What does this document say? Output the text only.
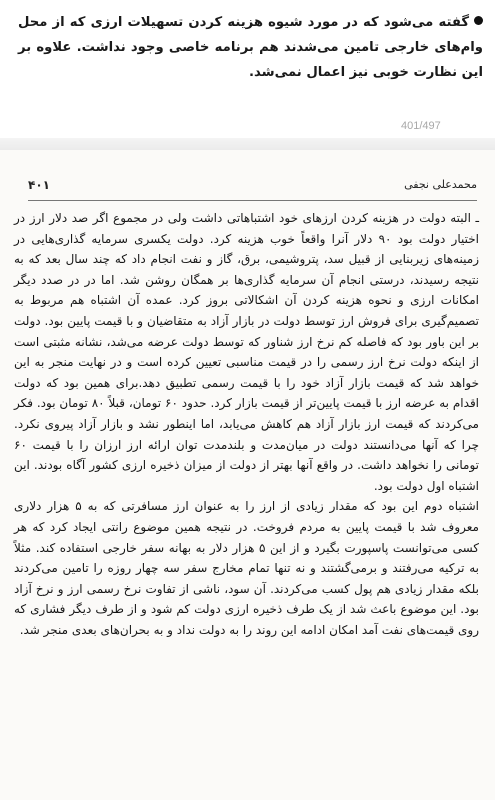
گفته می‌شود که در مورد شیوه هزینه کردن تسهیلات ارزی که از محل وام‌های خارجی تامین می‌شدند هم برنامه خاصی وجود نداشت. علاوه بر این نظارت خوبی نیز اعمال نمی‌شد.

401/497
محمدعلی نجفی
۴۰۱

ـ البته دولت در هزینه کردن ارزهای خود اشتباهاتی داشت ولی در مجموع اگر صد دلار ارز در اختیار دولت بود ۹۰ دلار آنرا واقعاً خوب هزینه کرد. دولت یکسری سرمایه گذاری‌هایی در زمینه‌های زیربنایی از قبیل سد، پتروشیمی، برق، گاز و نفت انجام داد که چند سال بعد که به نتیجه رسیدند، درستی انجام آن سرمایه گذاری‌ها بر همگان روشن شد. اما در در صدد دیگر امکانات ارزی و نحوه هزینه کردن آن اشکالاتی بروز کرد. عمده آن اشتباه هم مربوط به تصمیم‌گیری برای فروش ارز توسط دولت در بازار آزاد به متقاضیان و با قیمت پایین بود. دولت بر این باور بود که فاصله کم نرخ ارز شناور که توسط دولت عرضه می‌شد، نشانه مثبتی است از اینکه دولت نرخ ارز رسمی را در قیمت مناسبی تعیین کرده است و در نهایت منجر به این خواهد شد که قیمت بازار آزاد خود را با قیمت رسمی تطبیق دهد.برای همین بود که دولت اقدام به عرضه ارز با قیمت پایین‌تر از قیمت بازار کرد. حدود ۶۰ تومان، قبلاً ۸۰ تومان بود. فکر می‌کردند که قیمت ارز بازار آزاد هم کاهش می‌یابد، اما اینطور نشد و بازار آزاد پیروی نکرد. چرا که آنها می‌دانستند دولت در میان‌مدت و بلندمدت توان ارائه ارز ارزان را با قیمت ۶۰ تومانی را نخواهد داشت. در واقع آنها بهتر از دولت از میزان ذخیره ارزی کشور آگاه بودند. این اشتباه اول دولت بود.

اشتباه دوم این بود که مقدار زیادی از ارز را به عنوان ارز مسافرتی که به ۵ هزار دلاری معروف شد با قیمت پایین به مردم فروخت. در نتیجه همین موضوع رانتی ایجاد کرد که هر کسی می‌توانست پاسپورت بگیرد و از این ۵ هزار دلار به بهانه سفر خارجی استفاده کند. مثلاً به ترکیه می‌رفتند و برمی‌گشتند و نه تنها تمام مخارج سفر سه چهار روزه را تامین می‌کردند بلکه مقدار زیادی هم پول کسب می‌کردند. آن سود، ناشی از تفاوت نرخ رسمی ارز و نرخ آزاد بود. این موضوع باعث شد از یک طرف ذخیره ارزی دولت کم شود و از طرف دیگر فشاری که روی قیمت‌های نفت آمد امکان ادامه این روند را به دولت نداد و به بحران‌های بعدی منجر شد.
